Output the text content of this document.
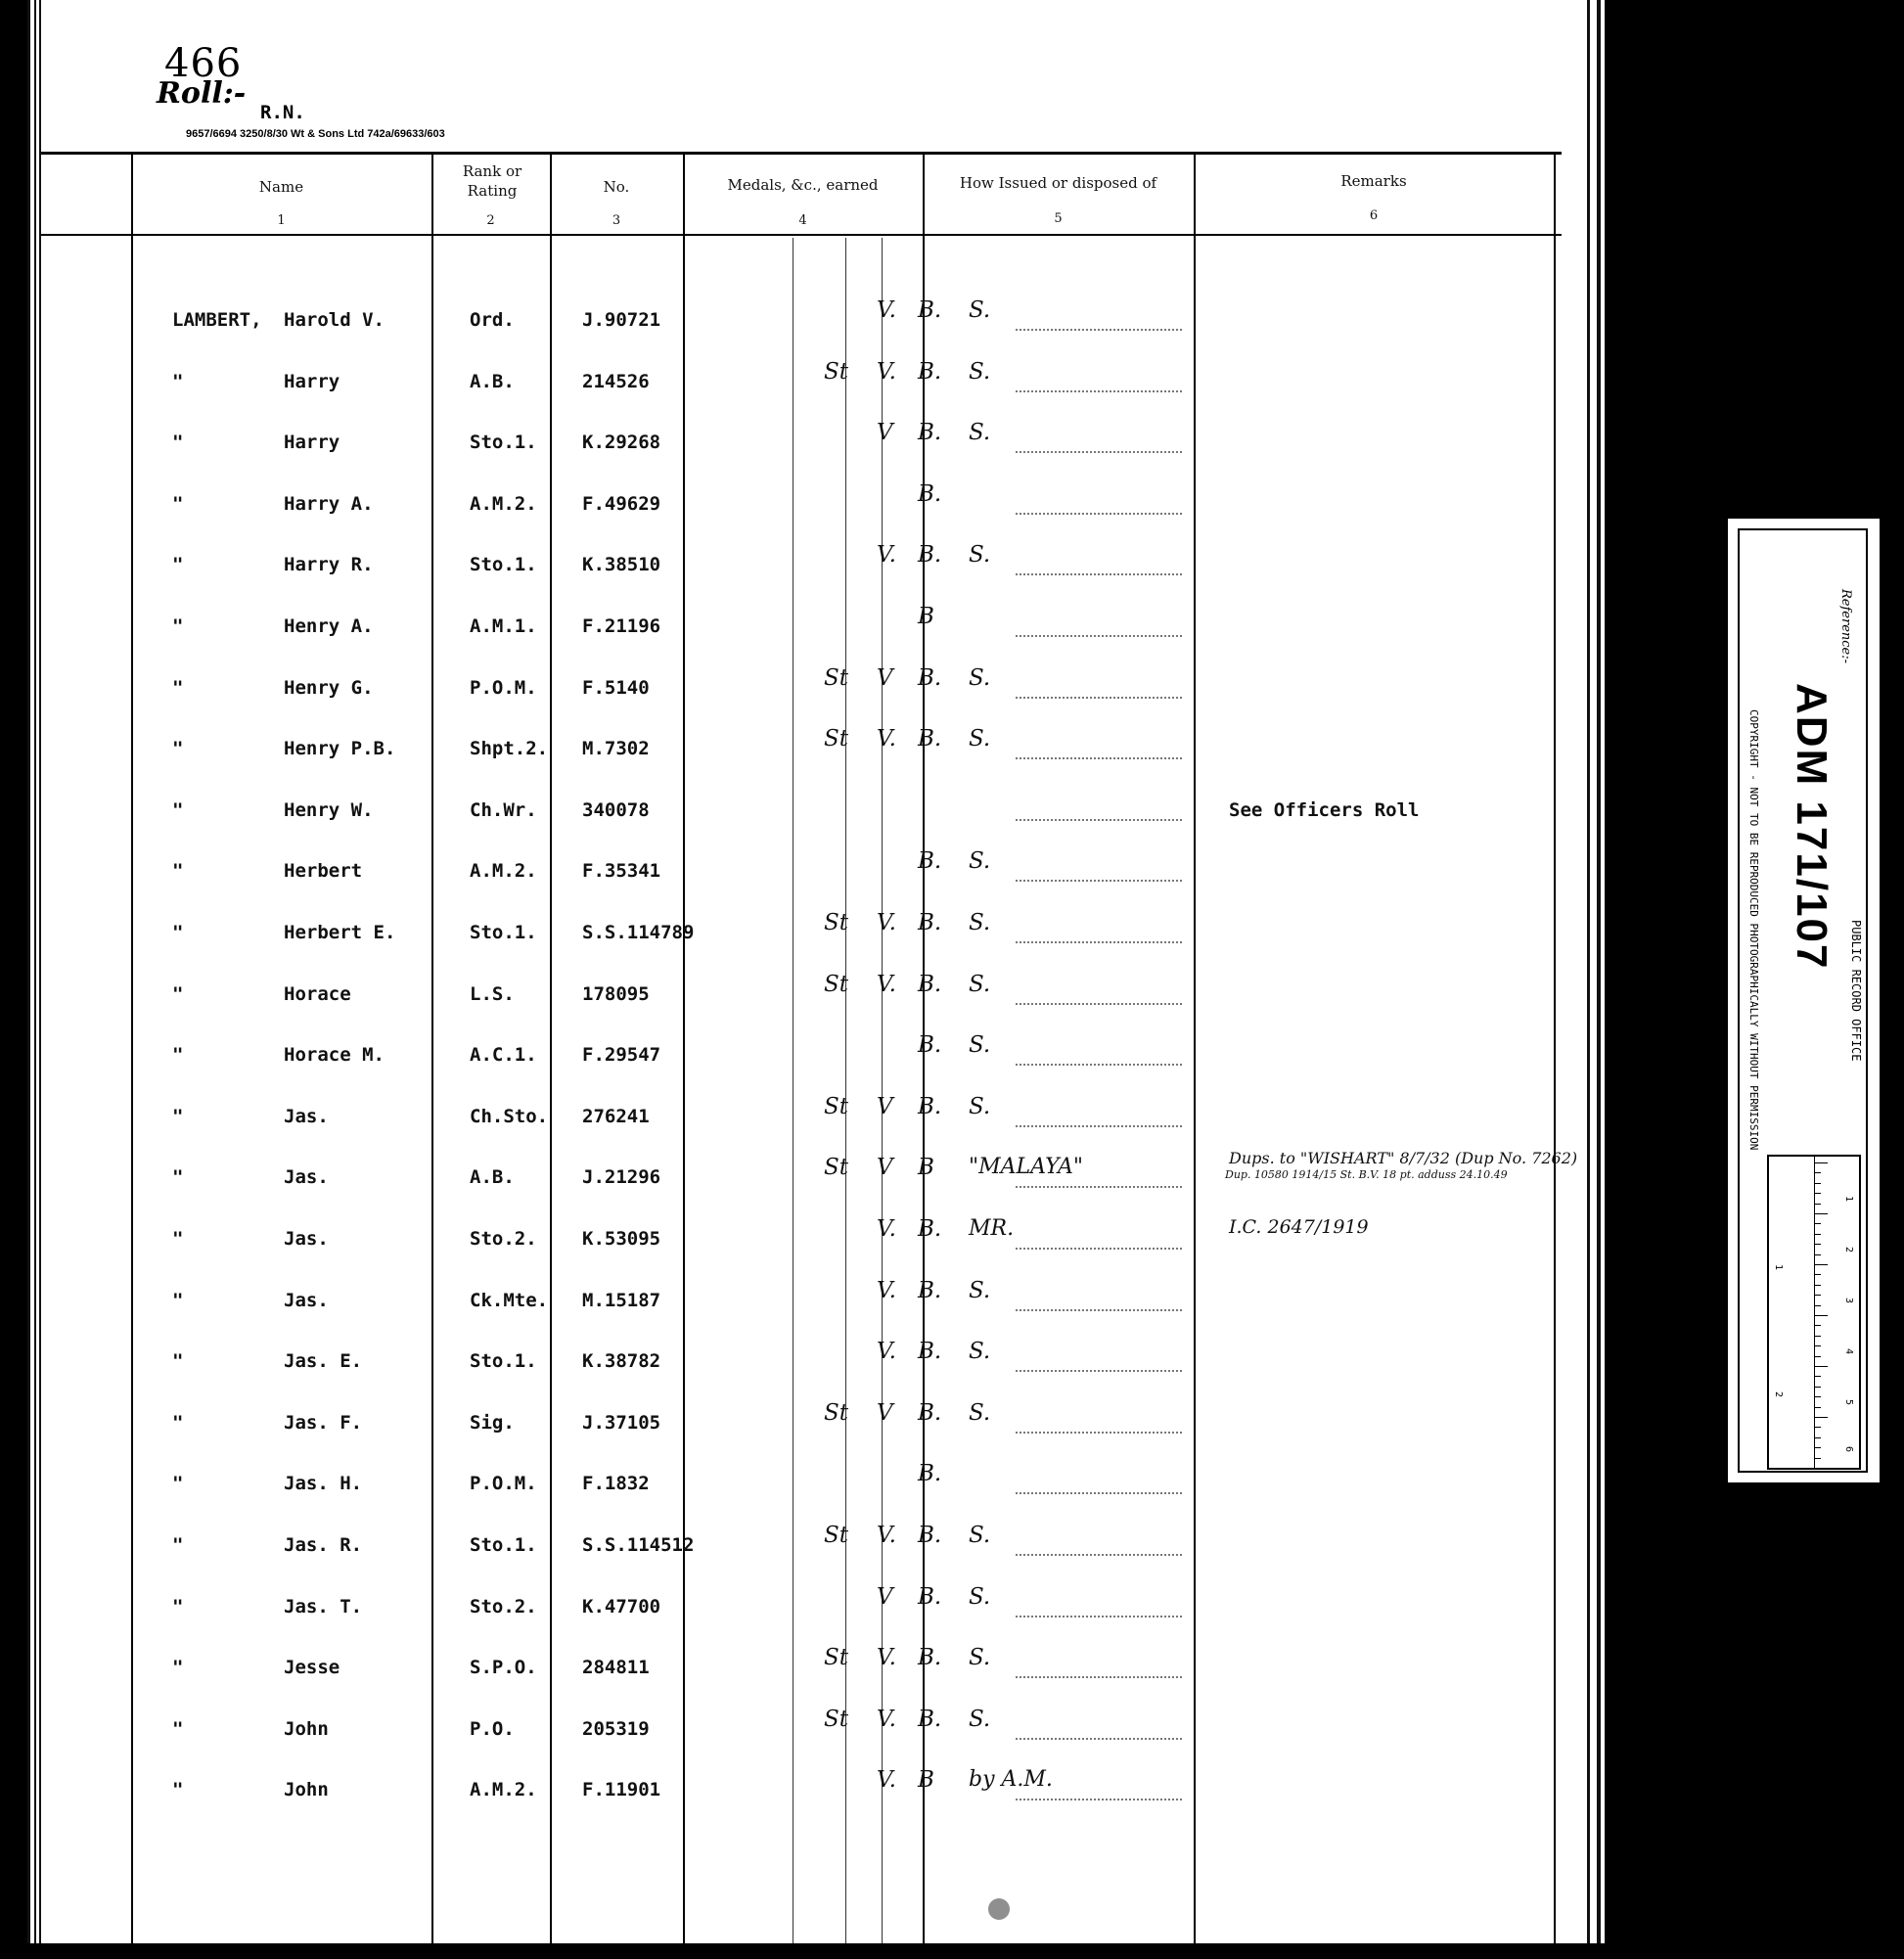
466
Roll:-
R.N.
9657/6694 3250/8/30 Wt & Sons Ltd 742a/69633/603
Name
1
Rank or Rating
2
No.
3
Medals, &c., earned
4
How Issued or disposed of
5
Remarks
6
LAMBERT, Harold V.	Ord.	J.90721	V. B. S.
"	Harry	A.B.	214526	St V. B. S.
"	Harry	Sto.1. K.29268	V B. S.
"	Harry A.	A.M.2. F.49629	B.
"	Harry R.	Sto.1. K.38510	V. B. S.
"	Henry A.	A.M.1. F.21196	B
"	Henry G.	P.O.M. F.5140	St V B. S.
"	Henry P.B.	Shpt.2. M.7302	St V. B. S.
"	Henry W.	Ch.Wr. 340078	See Officers Roll
"	Herbert	A.M.2. F.35341	B. S.
"	Herbert E.	Sto.1. S.S.114789	St V. B. S.
"	Horace	L.S.	178095	St V. B. S.
"	Horace M.	A.C.1. F.29547	B. S.
"	Jas.	Ch.Sto. 276241	St V B. S.
"	Jas.	A.B.	J.21296	St V B "MALAYA"	Dups. to "WISHART" 8/7/32 (Dup No. 7262)
Dup. 10580 1914/15 St. B.V. 18 pt. adduss 24.10.49
"	Jas.	Sto.2. K.53095	V. B. MR.	I.C. 2647/1919
"	Jas.	Ck.Mte. M.15187	V. B. S.
"	Jas. E.	Sto.1. K.38782	V. B. S.
"	Jas. F.	Sig.	J.37105	St V B. S.
"	Jas. H.	P.O.M. F.1832	B.
"	Jas. R.	Sto.1. S.S.114512	St V. B. S.
"	Jas. T.	Sto.2. K.47700	V B. S.
"	Jesse	S.P.O. 284811	St V. B. S.
"	John	P.O.	205319	St V. B. S.
"	John	A.M.2. F.11901	V. B by A.M.
PUBLIC RECORD OFFICE
Reference:-
ADM 171/107
COPYRIGHT - NOT TO BE REPRODUCED PHOTOGRAPHICALLY WITHOUT PERMISSION
1
2
1
2
3
4
5
6
